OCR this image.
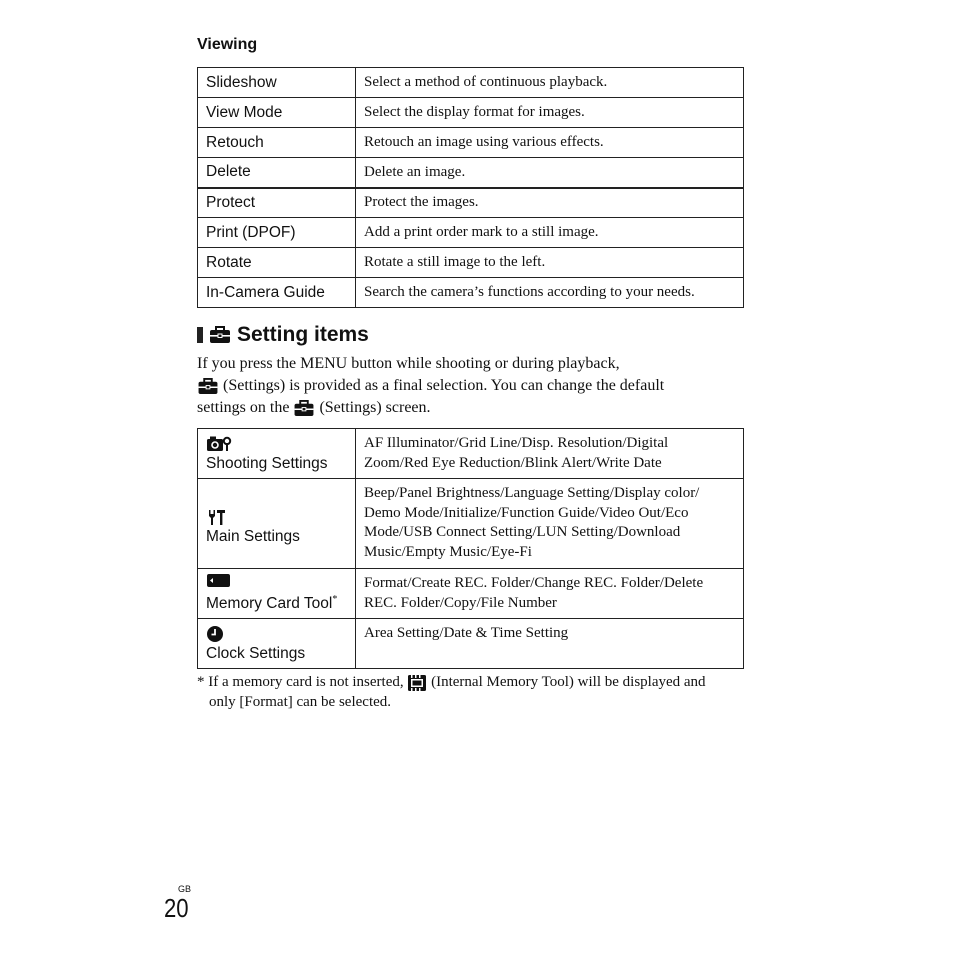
Viewing
Slideshow	Select a method of continuous playback.
View Mode	Select the display format for images.
Retouch	Retouch an image using various effects.
Delete	Delete an image.
Protect	Protect the images.
Print (DPOF)	Add a print order mark to a still image.
Rotate	Rotate a still image to the left.
In-Camera Guide	Search the camera’s functions according to your needs.
Setting items
If you press the MENU button while shooting or during playback,
(Settings) is provided as a final selection. You can change the default
settings on the (Settings) screen.
Shooting Settings	AF Illuminator/Grid Line/Disp. Resolution/Digital Zoom/Red Eye Reduction/Blink Alert/Write Date

Main Settings	Beep/Panel Brightness/Language Setting/Display color/ Demo Mode/Initialize/Function Guide/Video Out/Eco Mode/USB Connect Setting/LUN Setting/Download Music/Empty Music/Eye-Fi

Memory Card Tool*	Format/Create REC. Folder/Change REC. Folder/Delete REC. Folder/Copy/File Number

Clock Settings	Area Setting/Date & Time Setting
* If a memory card is not inserted, (Internal Memory Tool) will be displayed and
only [Format] can be selected.
GB
20
